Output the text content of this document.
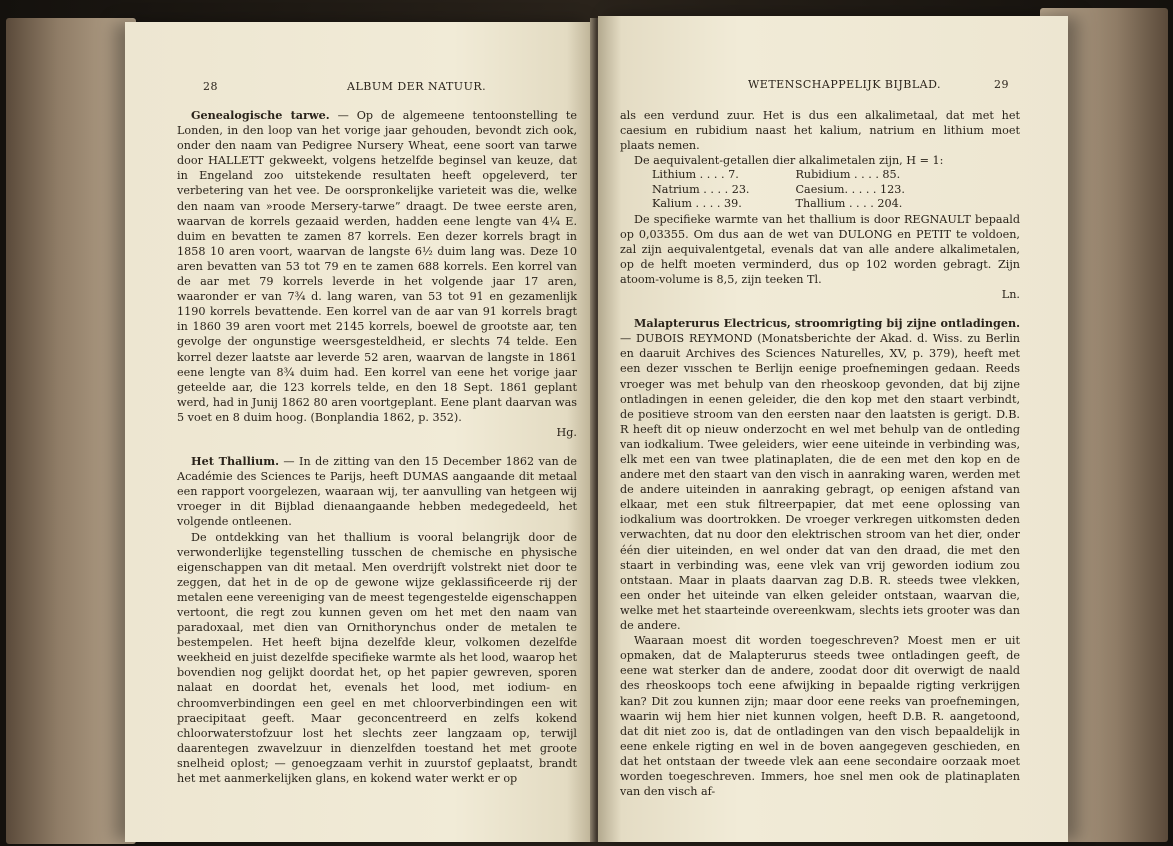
28	ALBUM DER NATUUR.

Genealogische tarwe. — Op de algemeene tentoonstelling te Londen, in den loop van het vorige jaar gehouden, bevondt zich ook, onder den naam van Pedigree Nursery Wheat, eene soort van tarwe door HALLETT gekweekt, volgens hetzelfde beginsel van keuze, dat in Engeland zoo uitstekende resultaten heeft opgeleverd, ter verbetering van het vee. De oorspronkelijke varieteit was die, welke den naam van »roode Mersery-tarwe” draagt. De twee eerste aren, waarvan de korrels gezaaid werden, hadden eene lengte van 4¼ E. duim en bevatten te zamen 87 korrels. Een dezer korrels bragt in 1858 10 aren voort, waarvan de langste 6½ duim lang was. Deze 10 aren bevatten van 53 tot 79 en te zamen 688 korrels. Een korrel van de aar met 79 korrels leverde in het volgende jaar 17 aren, waaronder er van 7¾ d. lang waren, van 53 tot 91 en gezamenlijk 1190 korrels bevattende. Een korrel van de aar van 91 korrels bragt in 1860 39 aren voort met 2145 korrels, boewel de grootste aar, ten gevolge der ongunstige weersgesteldheid, er slechts 74 telde. Een korrel dezer laatste aar leverde 52 aren, waarvan de langste in 1861 eene lengte van 8¾ duim had. Een korrel van eene het vorige jaar geteelde aar, die 123 korrels telde, en den 18 Sept. 1861 geplant werd, had in Junij 1862 80 aren voortgeplant. Eene plant daarvan was 5 voet en 8 duim hoog. (Bonplandia 1862, p. 352).

Hg.

Het Thallium. — In de zitting van den 15 December 1862 van de Académie des Sciences te Parijs, heeft DUMAS aangaande dit metaal een rapport voorgelezen, waaraan wij, ter aanvulling van hetgeen wij vroeger in dit Bijblad dienaangaande hebben medegedeeld, het volgende ontleenen.

De ontdekking van het thallium is vooral belangrijk door de verwonderlijke tegenstelling tusschen de chemische en physische eigenschappen van dit metaal. Men overdrijft volstrekt niet door te zeggen, dat het in de op de gewone wijze geklassificeerde rij der metalen eene vereeniging van de meest tegengestelde eigenschappen vertoont, die regt zou kunnen geven om het met den naam van paradoxaal, met dien van Ornithorynchus onder de metalen te bestempelen. Het heeft bijna dezelfde kleur, volkomen dezelfde weekheid en juist dezelfde specifieke warmte als het lood, waarop het bovendien nog gelijkt doordat het, op het papier gewreven, sporen nalaat en doordat het, evenals het lood, met iodium- en chroomverbindingen een geel en met chloorverbindingen een wit praecipitaat geeft. Maar geconcentreerd en zelfs kokend chloorwaterstofzuur lost het slechts zeer langzaam op, terwijl daarentegen zwavelzuur in dienzelfden toestand het met groote snelheid oplost; — genoegzaam verhit in zuurstof geplaatst, brandt het met aanmerkelijken glans, en kokend water werkt er op

WETENSCHAPPELIJK BIJBLAD.	29

als een verdund zuur. Het is dus een alkalimetaal, dat met het caesium en rubidium naast het kalium, natrium en lithium moet plaats nemen.

De aequivalent-getallen dier alkalimetalen zijn, H = 1:

Lithium . . . . 7.	Rubidium . . . . 85.
Natrium . . . . 23.	Caesium. . . . . 123.
Kalium . . . . 39.	Thallium . . . . 204.

De specifieke warmte van het thallium is door REGNAULT bepaald op 0,03355. Om dus aan de wet van DULONG en PETIT te voldoen, zal zijn aequivalentgetal, evenals dat van alle andere alkalimetalen, op de helft moeten verminderd, dus op 102 worden gebragt. Zijn atoom-volume is 8,5, zijn teeken Tl.

Ln.

Malapterurus Electricus, stroomrigting bij zijne ontladingen. — DUBOIS REYMOND (Monatsberichte der Akad. d. Wiss. zu Berlin en daaruit Archives des Sciences Naturelles, XV, p. 379), heeft met een dezer vısschen te Berlijn eenige proefnemingen gedaan. Reeds vroeger was met behulp van den rheoskoop gevonden, dat bij zijne ontladingen in eenen geleider, die den kop met den staart verbindt, de positieve stroom van den eersten naar den laatsten is gerigt. D.B. R heeft dit op nieuw onderzocht en wel met behulp van de ontleding van iodkalium. Twee geleiders, wier eene uiteinde in verbinding was, elk met een van twee platinaplaten, die de een met den kop en de andere met den staart van den visch in aanraking waren, werden met de andere uiteinden in aanraking gebragt, op eenigen afstand van elkaar, met een stuk filtreerpapier, dat met eene oplossing van iodkalium was doortrokken. De vroeger verkregen uitkomsten deden verwachten, dat nu door den elektrischen stroom van het dier, onder één dier uiteinden, en wel onder dat van den draad, die met den staart in verbinding was, eene vlek van vrij geworden iodium zou ontstaan. Maar in plaats daarvan zag D.B. R. steeds twee vlekken, een onder het uiteinde van elken geleider ontstaan, waarvan die, welke met het staarteinde overeenkwam, slechts iets grooter was dan de andere.

Waaraan moest dit worden toegeschreven? Moest men er uit opmaken, dat de Malapterurus steeds twee ontladingen geeft, de eene wat sterker dan de andere, zoodat door dit overwigt de naald des rheoskoops toch eene afwijking in bepaalde rigting verkrijgen kan? Dit zou kunnen zijn; maar door eene reeks van proefnemingen, waarin wij hem hier niet kunnen volgen, heeft D.B. R. aangetoond, dat dit niet zoo is, dat de ontladingen van den visch bepaaldelijk in eene enkele rigting en wel in de boven aangegeven geschieden, en dat het ontstaan der tweede vlek aan eene secondaire oorzaak moet worden toegeschreven. Immers, hoe snel men ook de platinaplaten van den visch af-
